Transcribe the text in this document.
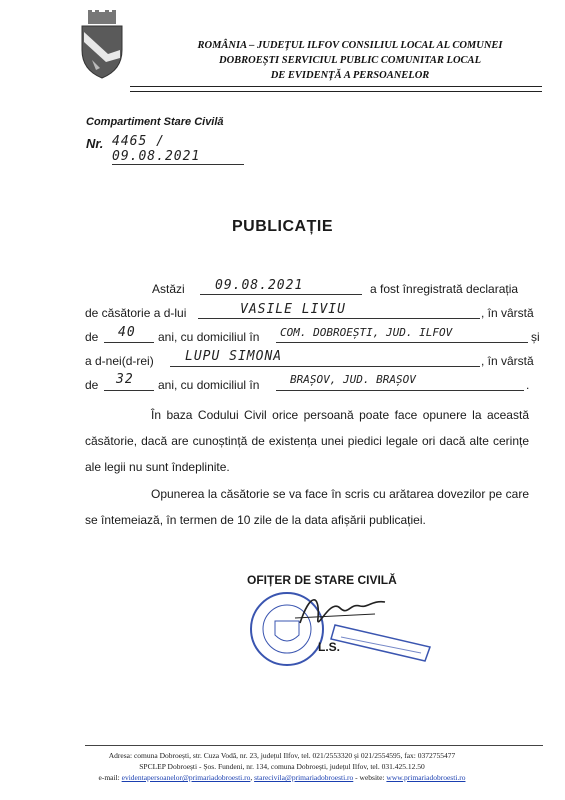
ROMÂNIA – JUDEȚUL ILFOV CONSILIUL LOCAL AL COMUNEI
DOBROEȘTI SERVICIUL PUBLIC COMUNITAR LOCAL
DE EVIDENȚĂ A PERSOANELOR
Compartiment Stare Civilă
Nr. 4465 / 09.08.2021
PUBLICAȚIE
Astăzi 09.08.2021	a fost înregistrată declarația
de căsătorie a d-lui	VASILE LIVIU	, în vârstă
de 40 ani, cu domiciliul în COM. DOBROEȘTI, JUD. ILFOV	și
a d-nei(d-rei) LUPU SIMONA	, în vârstă
de 32 ani, cu domiciliul în	BRAȘOV, JUD. BRAȘOV	.
În baza Codului Civil orice persoană poate face opunere la această căsătorie, dacă are cunoștință de existența unei piedici legale ori dacă alte cerințe ale legii nu sunt îndeplinite.
Opunerea la căsătorie se va face în scris cu arătarea dovezilor pe care se întemeiază, în termen de 10 zile de la data afișării publicației.
OFIȚER DE STARE CIVILĂ
L.S.
Adresa: comuna Dobroești, str. Cuza Vodă, nr. 23, județul Ilfov, tel. 021/2553320 și 021/2554595, fax: 0372755477
SPCLEP Dobroești - Șos. Fundeni, nr. 134, comuna Dobroești, județul Ilfov, tel. 031.425.12.50
e-mail: evidentapersoanelor@primariadobroesti.ro, starecivila@primariadobroesti.ro - website: www.primariadobroesti.ro
